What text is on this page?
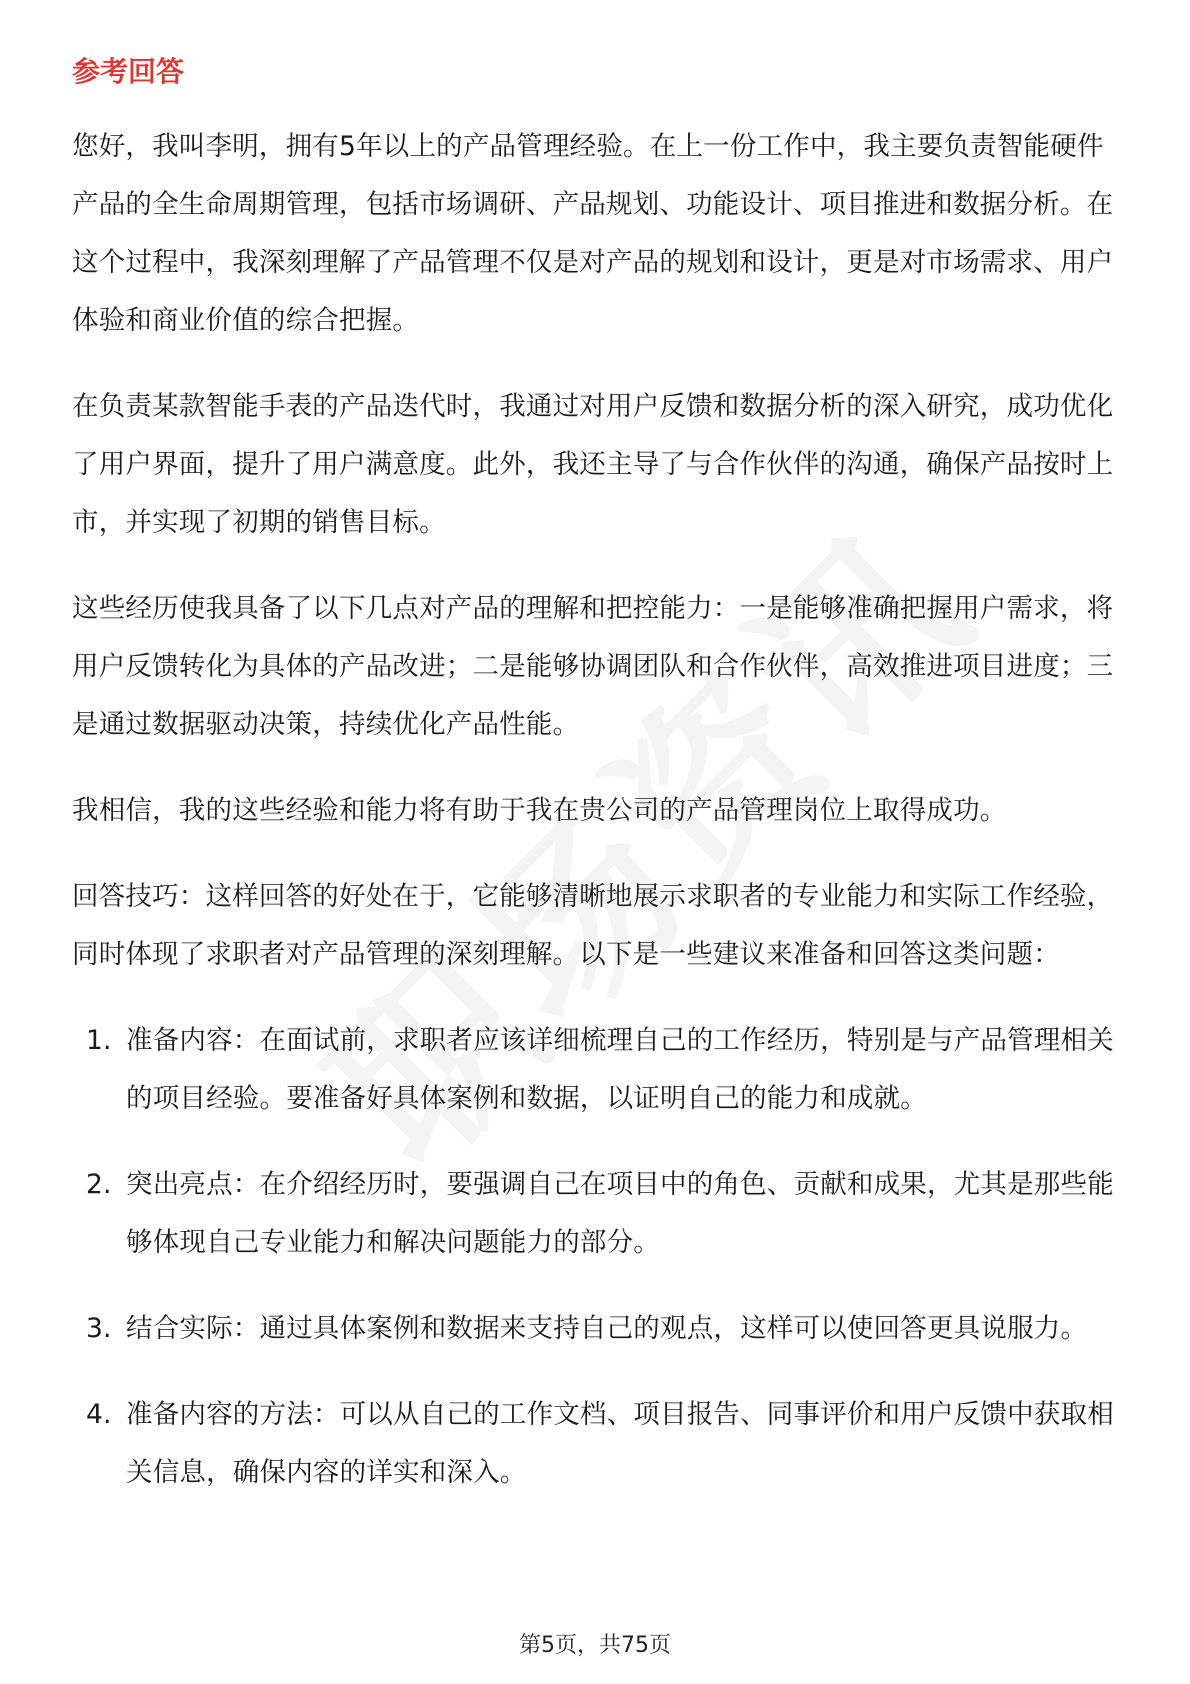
参考回答

您好，我叫李明，拥有5年以上的产品管理经验。在上一份工作中，我主要负责智能硬件产品的全生命周期管理，包括市场调研、产品规划、功能设计、项目推进和数据分析。在这个过程中，我深刻理解了产品管理不仅是对产品的规划和设计，更是对市场需求、用户体验和商业价值的综合把握。

在负责某款智能手表的产品迭代时，我通过对用户反馈和数据分析的深入研究，成功优化了用户界面，提升了用户满意度。此外，我还主导了与合作伙伴的沟通，确保产品按时上市，并实现了初期的销售目标。

这些经历使我具备了以下几点对产品的理解和把控能力：一是能够准确把握用户需求，将用户反馈转化为具体的产品改进；二是能够协调团队和合作伙伴，高效推进项目进度；三是通过数据驱动决策，持续优化产品性能。

我相信，我的这些经验和能力将有助于我在贵公司的产品管理岗位上取得成功。

回答技巧：这样回答的好处在于，它能够清晰地展示求职者的专业能力和实际工作经验，同时体现了求职者对产品管理的深刻理解。以下是一些建议来准备和回答这类问题：

1. 准备内容：在面试前，求职者应该详细梳理自己的工作经历，特别是与产品管理相关的项目经验。要准备好具体案例和数据，以证明自己的能力和成就。
2. 突出亮点：在介绍经历时，要强调自己在项目中的角色、贡献和成果，尤其是那些能够体现自己专业能力和解决问题能力的部分。
3. 结合实际：通过具体案例和数据来支持自己的观点，这样可以使回答更具说服力。
4. 准备内容的方法：可以从自己的工作文档、项目报告、同事评价和用户反馈中获取相关信息，确保内容的详实和深入。
第5页，共75页
